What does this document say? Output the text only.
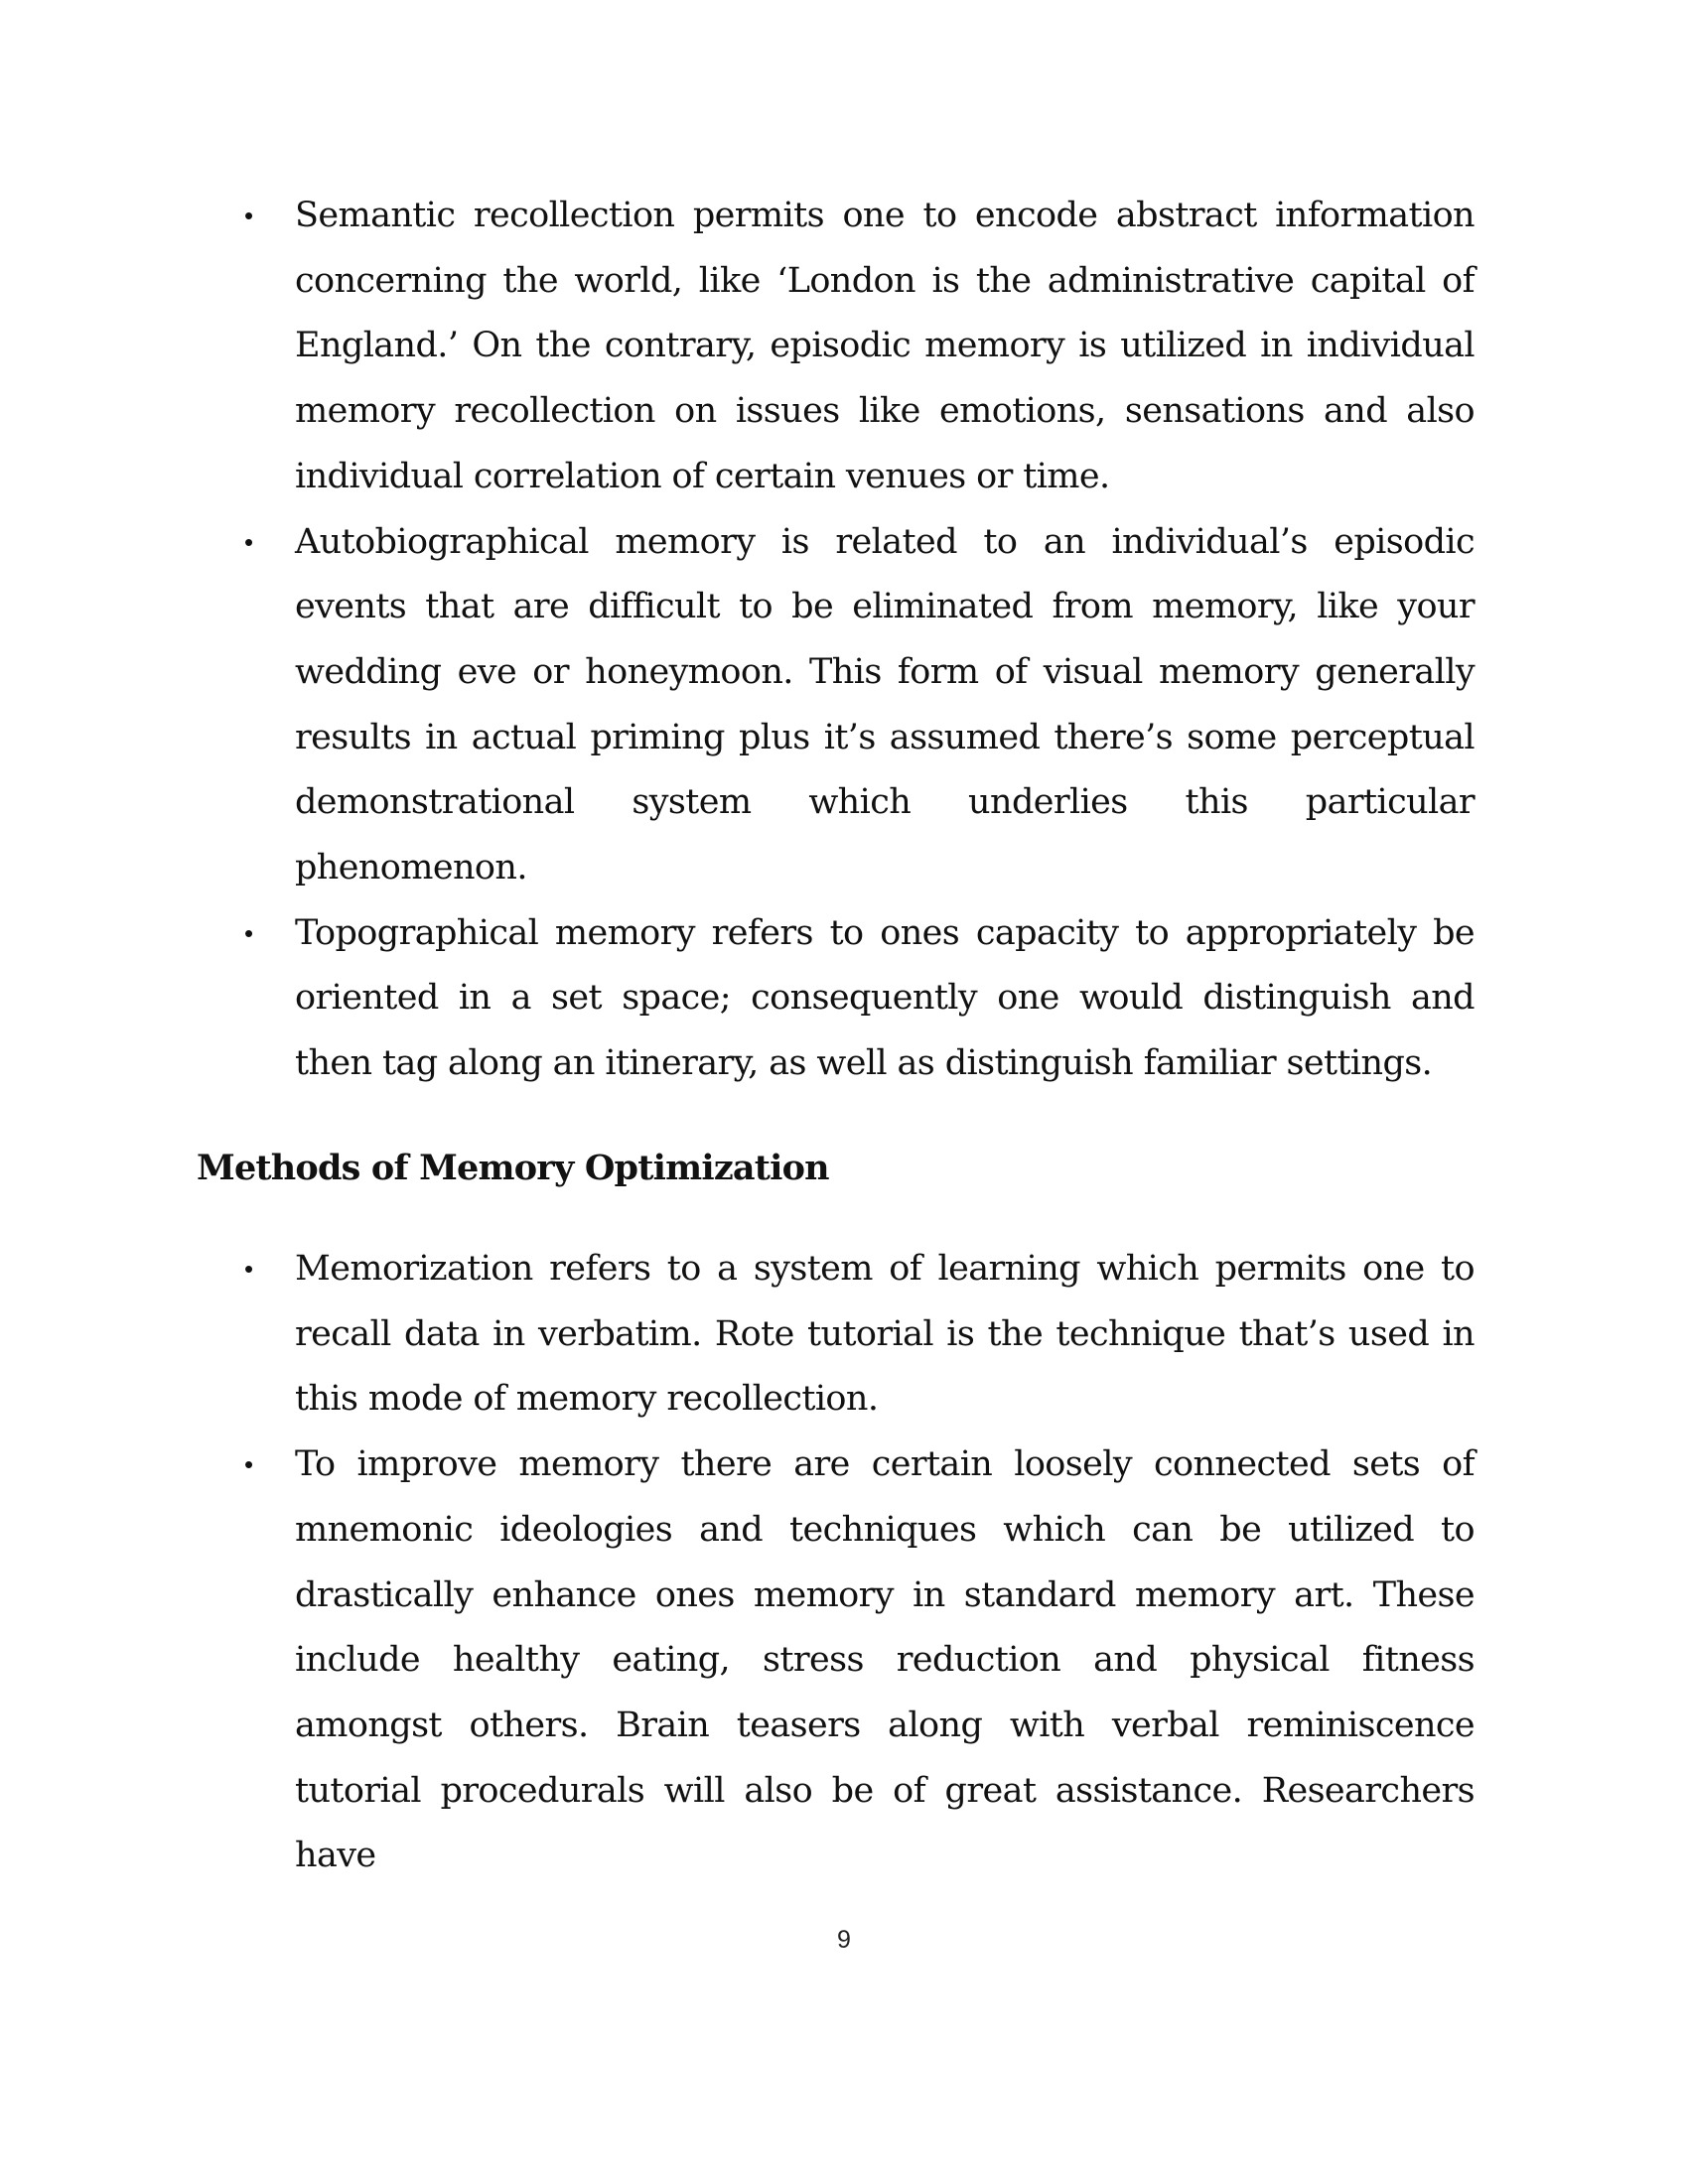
• Semantic recollection permits one to encode abstract information concerning the world, like ‘London is the administrative capital of England.’ On the contrary, episodic memory is utilized in individual memory recollection on issues like emotions, sensations and also individual correlation of certain venues or time.
• Autobiographical memory is related to an individual’s episodic events that are difficult to be eliminated from memory, like your wedding eve or honeymoon. This form of visual memory generally results in actual priming plus it’s assumed there’s some perceptual demonstrational system which underlies this particular phenomenon.
• Topographical memory refers to ones capacity to appropriately be oriented in a set space; consequently one would distinguish and then tag along an itinerary, as well as distinguish familiar settings.
Methods of Memory Optimization
• Memorization refers to a system of learning which permits one to recall data in verbatim. Rote tutorial is the technique that’s used in this mode of memory recollection.
• To improve memory there are certain loosely connected sets of mnemonic ideologies and techniques which can be utilized to drastically enhance ones memory in standard memory art. These include healthy eating, stress reduction and physical fitness amongst others. Brain teasers along with verbal reminiscence tutorial procedurals will also be of great assistance. Researchers have
9
